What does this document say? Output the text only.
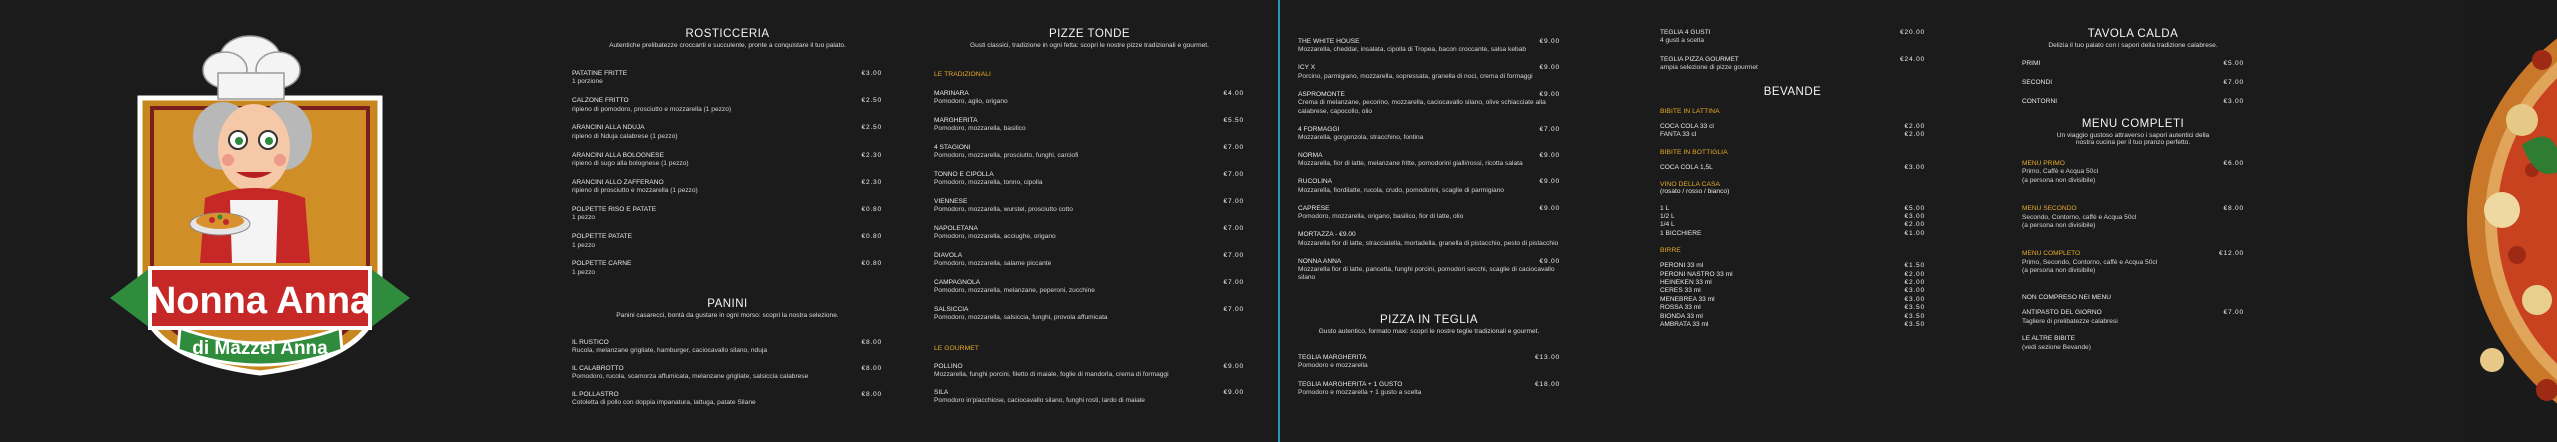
Nonna Anna
di Mazzei Anna

ROSTICCERIA

Autentiche prelibatezze croccanti e succulente, pronte a conquistare il tuo palato.

PATATINE FRITTE
1 porzione
€3.00
CALZONE FRITTO
ripieno di pomodoro, prosciutto e mozzarella (1 pezzo)
€2.50
ARANCINI ALLA NDUJA
ripieno di Nduja calabrese (1 pezzo)
€2.50
ARANCINI ALLA BOLOGNESE
ripieno di sugo alla bolognese (1 pezzo)
€2.30
ARANCINI ALLO ZAFFERANO
ripieno di prosciutto e mozzarella (1 pezzo)
€2.30
POLPETTE RISO E PATATE
1 pezzo
€0.80
POLPETTE PATATE
1 pezzo
€0.80
POLPETTE CARNE
1 pezzo
€0.80

PANINI

Panini casarecci, bontà da gustare in ogni morso: scopri la nostra selezione.

IL RUSTICO
Rucola, melanzane grigliate, hamburger, caciocavallo silano, nduja
€8.00
IL CALABROTTO
Pomodoro, rucola, scamorza affumicata, melanzane grigliate, salsiccia calabrese
€8.00
IL POLLASTRO
Cotoletta di pollo con doppia impanatura, lattuga, patate Silane
€8.00

PIZZE TONDE

Gusti classici, tradizione in ogni fetta: scopri le nostre pizze tradizionali e gourmet.

LE TRADIZIONALI

MARINARA
Pomodoro, aglio, origano
€4.00
MARGHERITA
Pomodoro, mozzarella, basilico
€5.50
4 STAGIONI
Pomodoro, mozzarella, prosciutto, funghi, carciofi
€7.00
TONNO E CIPOLLA
Pomodoro, mozzarella, tonno, cipolla
€7.00
VIENNESE
Pomodoro, mozzarella, wurstel, prosciutto cotto
€7.00
NAPOLETANA
Pomodoro, mozzarella, acciughe, origano
€7.00
DIAVOLA
Pomodoro, mozzarella, salame piccante
€7.00
CAMPAGNOLA
Pomodoro, mozzarella, melanzane, peperoni, zucchine
€7.00
SALSICCIA
Pomodoro, mozzarella, salsiccia, funghi, provola affumicata
€7.00

LE GOURMET

POLLINO
Mozzarella, funghi porcini, filetto di maiale, foglie di mandorla, crema di formaggi
€9.00
SILA
Pomodoro in'piacchiose, caciocavallo silano, funghi rosti, lardo di maiale
€9.00
THE WHITE HOUSE
Mozzarella, cheddar, insalata, cipolla di Tropea, bacon croccante, salsa kebab
€9.00
ICY X
Porcino, parmigiano, mozzarella, sopressata, granella di noci, crema di formaggi
€9.00
ASPROMONTE
Crema di melanzane, pecorino, mozzarella, caciocavallo silano, olive schiacciate alla calabrese, capocollo, olio
€9.00
4 FORMAGGI
Mozzarella, gorgonzola, stracchino, fontina
€7.00
NORMA
Mozzarella, fior di latte, melanzane fritte, pomodorini gialli/rossi, ricotta salata
€9.00
RUCOLINA
Mozzarella, fiordilatte, rucola, crudo, pomodorini, scaglie di parmigiano
€9.00
CAPRESE
Pomodoro, mozzarella, origano, basilico, fior di latte, olio
€9.00
MORTAZZA - €9.00
Mozzarella fior di latte, stracciatella, mortadella, granella di pistacchio, pesto di pistacchio
NONNA ANNA
Mozzarella fior di latte, pancetta, funghi porcini, pomodori secchi, scaglie di caciocavallo silano
€9.00

PIZZA IN TEGLIA

Gusto autentico, formato maxi: scopri le nostre teglie tradizionali e gourmet.

TEGLIA MARGHERITA
Pomodoro e mozzarella
€13.00
TEGLIA MARGHERITA + 1 GUSTO
Pomodoro e mozzarella + 1 gusto a scelta
€18.00
TEGLIA 4 GUSTI
4 gusti a scelta
€20.00
TEGLIA PIZZA GOURMET
ampia selezione di pizze gourmet
€24.00

BEVANDE

BIBITE IN LATTINA

COCA COLA 33 cl	€2.00
FANTA 33 cl	€2.00

BIBITE IN BOTTIGLIA

COCA COLA 1,5L	€3.00

VINO DELLA CASA

(rosato / rosso / bianco)
1 L	€5.00
1/2 L	€3.00
1/4 L	€2.00
1 BICCHIERE	€1.00

BIRRE

PERONI 33 ml	€1.50
PERONI NASTRO 33 ml	€2.00
HEINEKEN 33 ml	€2.00
CERES 33 ml	€3.00
MENEBREA 33 ml	€3.00
ROSSA 33 ml	€3.50
BIONDA 33 ml	€3.50
AMBRATA 33 ml	€3.50

TAVOLA CALDA

Delizia il tuo palato con i sapori della tradizione calabrese.

PRIMI	€5.00
SECONDI	€7.00
CONTORNI	€3.00

MENU COMPLETI

Un viaggio gustoso attraverso i sapori autentici della

nostra cucina per il tuo pranzo perfetto.

MENU PRIMO
Primo, Caffè e Acqua 50cl
(a persona non divisibile)
€6.00
MENU SECONDO
Secondo, Contorno, caffè e Acqua 50cl
(a persona non divisibile)
€8.00
MENU COMPLETO
Primo, Secondo, Contorno, caffè e Acqua 50cl
(a persona non divisibile)
€12.00
NON COMPRESO NEI MENU
ANTIPASTO DEL GIORNO
Tagliere di prelibatezze calabresi
€7.00
LE ALTRE BIBITE
(vedi sezione Bevande)
